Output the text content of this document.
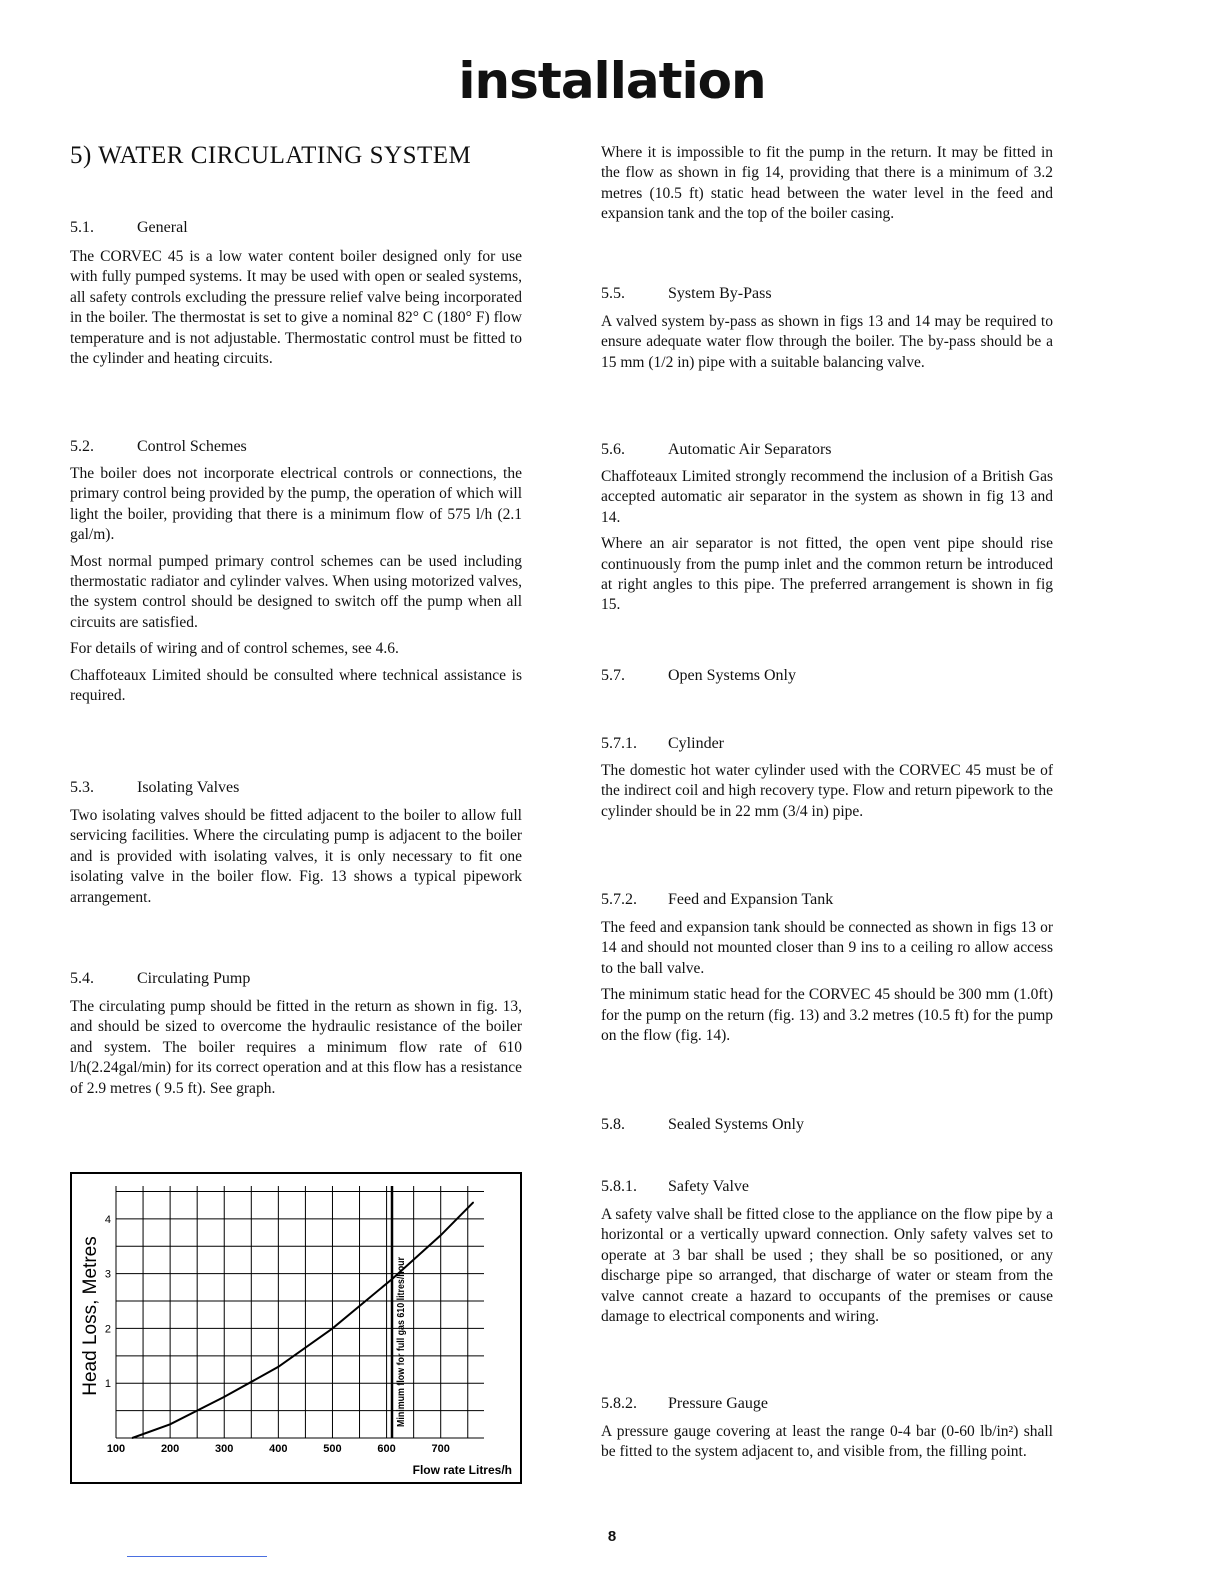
installation
5) WATER CIRCULATING SYSTEM
5.1.	General

The CORVEC 45 is a low water content boiler designed only for use with fully pumped systems. It may be used with open or sealed systems, all safety controls excluding the pressure relief valve being incorporated in the boiler. The thermostat is set to give a nominal 82° C (180° F) flow temperature and is not adjustable. Thermostatic control must be fitted to the cylinder and heating circuits.

5.2.	Control Schemes

The boiler does not incorporate electrical controls or connections, the primary control being provided by the pump, the operation of which will light the boiler, providing that there is a minimum flow of 575 l/h (2.1 gal/m).

Most normal pumped primary control schemes can be used including thermostatic radiator and cylinder valves. When using motorized valves, the system control should be designed to switch off the pump when all circuits are satisfied.

For details of wiring and of control schemes, see 4.6.

Chaffoteaux Limited should be consulted where technical assistance is required.

5.3.	Isolating Valves

Two isolating valves should be fitted adjacent to the boiler to allow full servicing facilities. Where the circulating pump is adjacent to the boiler and is provided with isolating valves, it is only necessary to fit one isolating valve in the boiler flow. Fig. 13 shows a typical pipework arrangement.

5.4.	Circulating Pump

The circulating pump should be fitted in the return as shown in fig. 13, and should be sized to overcome the hydraulic resistance of the boiler and system. The boiler requires a minimum flow rate of 610 l/h(2.24gal/min) for its correct operation and at this flow has a resistance of 2.9 metres ( 9.5 ft). See graph.

1
2
3
4
100	200	300	400	500	600	700
Head Loss, Metres
Flow rate Litres/h
Minimum flow for full gas 610 litres/hour

Where it is impossible to fit the pump in the return. It may be fitted in the flow as shown in fig 14, providing that there is a minimum of 3.2 metres (10.5 ft) static head between the water level in the feed and expansion tank and the top of the boiler casing.

5.5.	System By-Pass

A valved system by-pass as shown in figs 13 and 14 may be required to ensure adequate water flow through the boiler. The by-pass should be a 15 mm (1/2 in) pipe with a suitable balancing valve.

5.6.	Automatic Air Separators

Chaffoteaux Limited strongly recommend the inclusion of a British Gas accepted automatic air separator in the system as shown in fig 13 and 14.

Where an air separator is not fitted, the open vent pipe should rise continuously from the pump inlet and the common return be introduced at right angles to this pipe. The preferred arrangement is shown in fig 15.

5.7.	Open Systems Only
5.7.1. Cylinder

The domestic hot water cylinder used with the CORVEC 45 must be of the indirect coil and high recovery type. Flow and return pipework to the cylinder should be in 22 mm (3/4 in) pipe.

5.7.2. Feed and Expansion Tank

The feed and expansion tank should be connected as shown in figs 13 or 14 and should not mounted closer than 9 ins to a ceiling ro allow access to the ball valve.

The minimum static head for the CORVEC 45 should be 300 mm (1.0ft) for the pump on the return (fig. 13) and 3.2 metres (10.5 ft) for the pump on the flow (fig. 14).

5.8.	Sealed Systems Only
5.8.1. Safety Valve

A safety valve shall be fitted close to the appliance on the flow pipe by a horizontal or a vertically upward connection. Only safety valves set to operate at 3 bar shall be used ; they shall be so positioned, or any discharge pipe so arranged, that discharge of water or steam from the valve cannot create a hazard to occupants of the premises or cause damage to electrical components and wiring.

5.8.2. Pressure Gauge

A pressure gauge covering at least the range 0-4 bar (0-60 lb/in²) shall be fitted to the system adjacent to, and visible from, the filling point.

8
